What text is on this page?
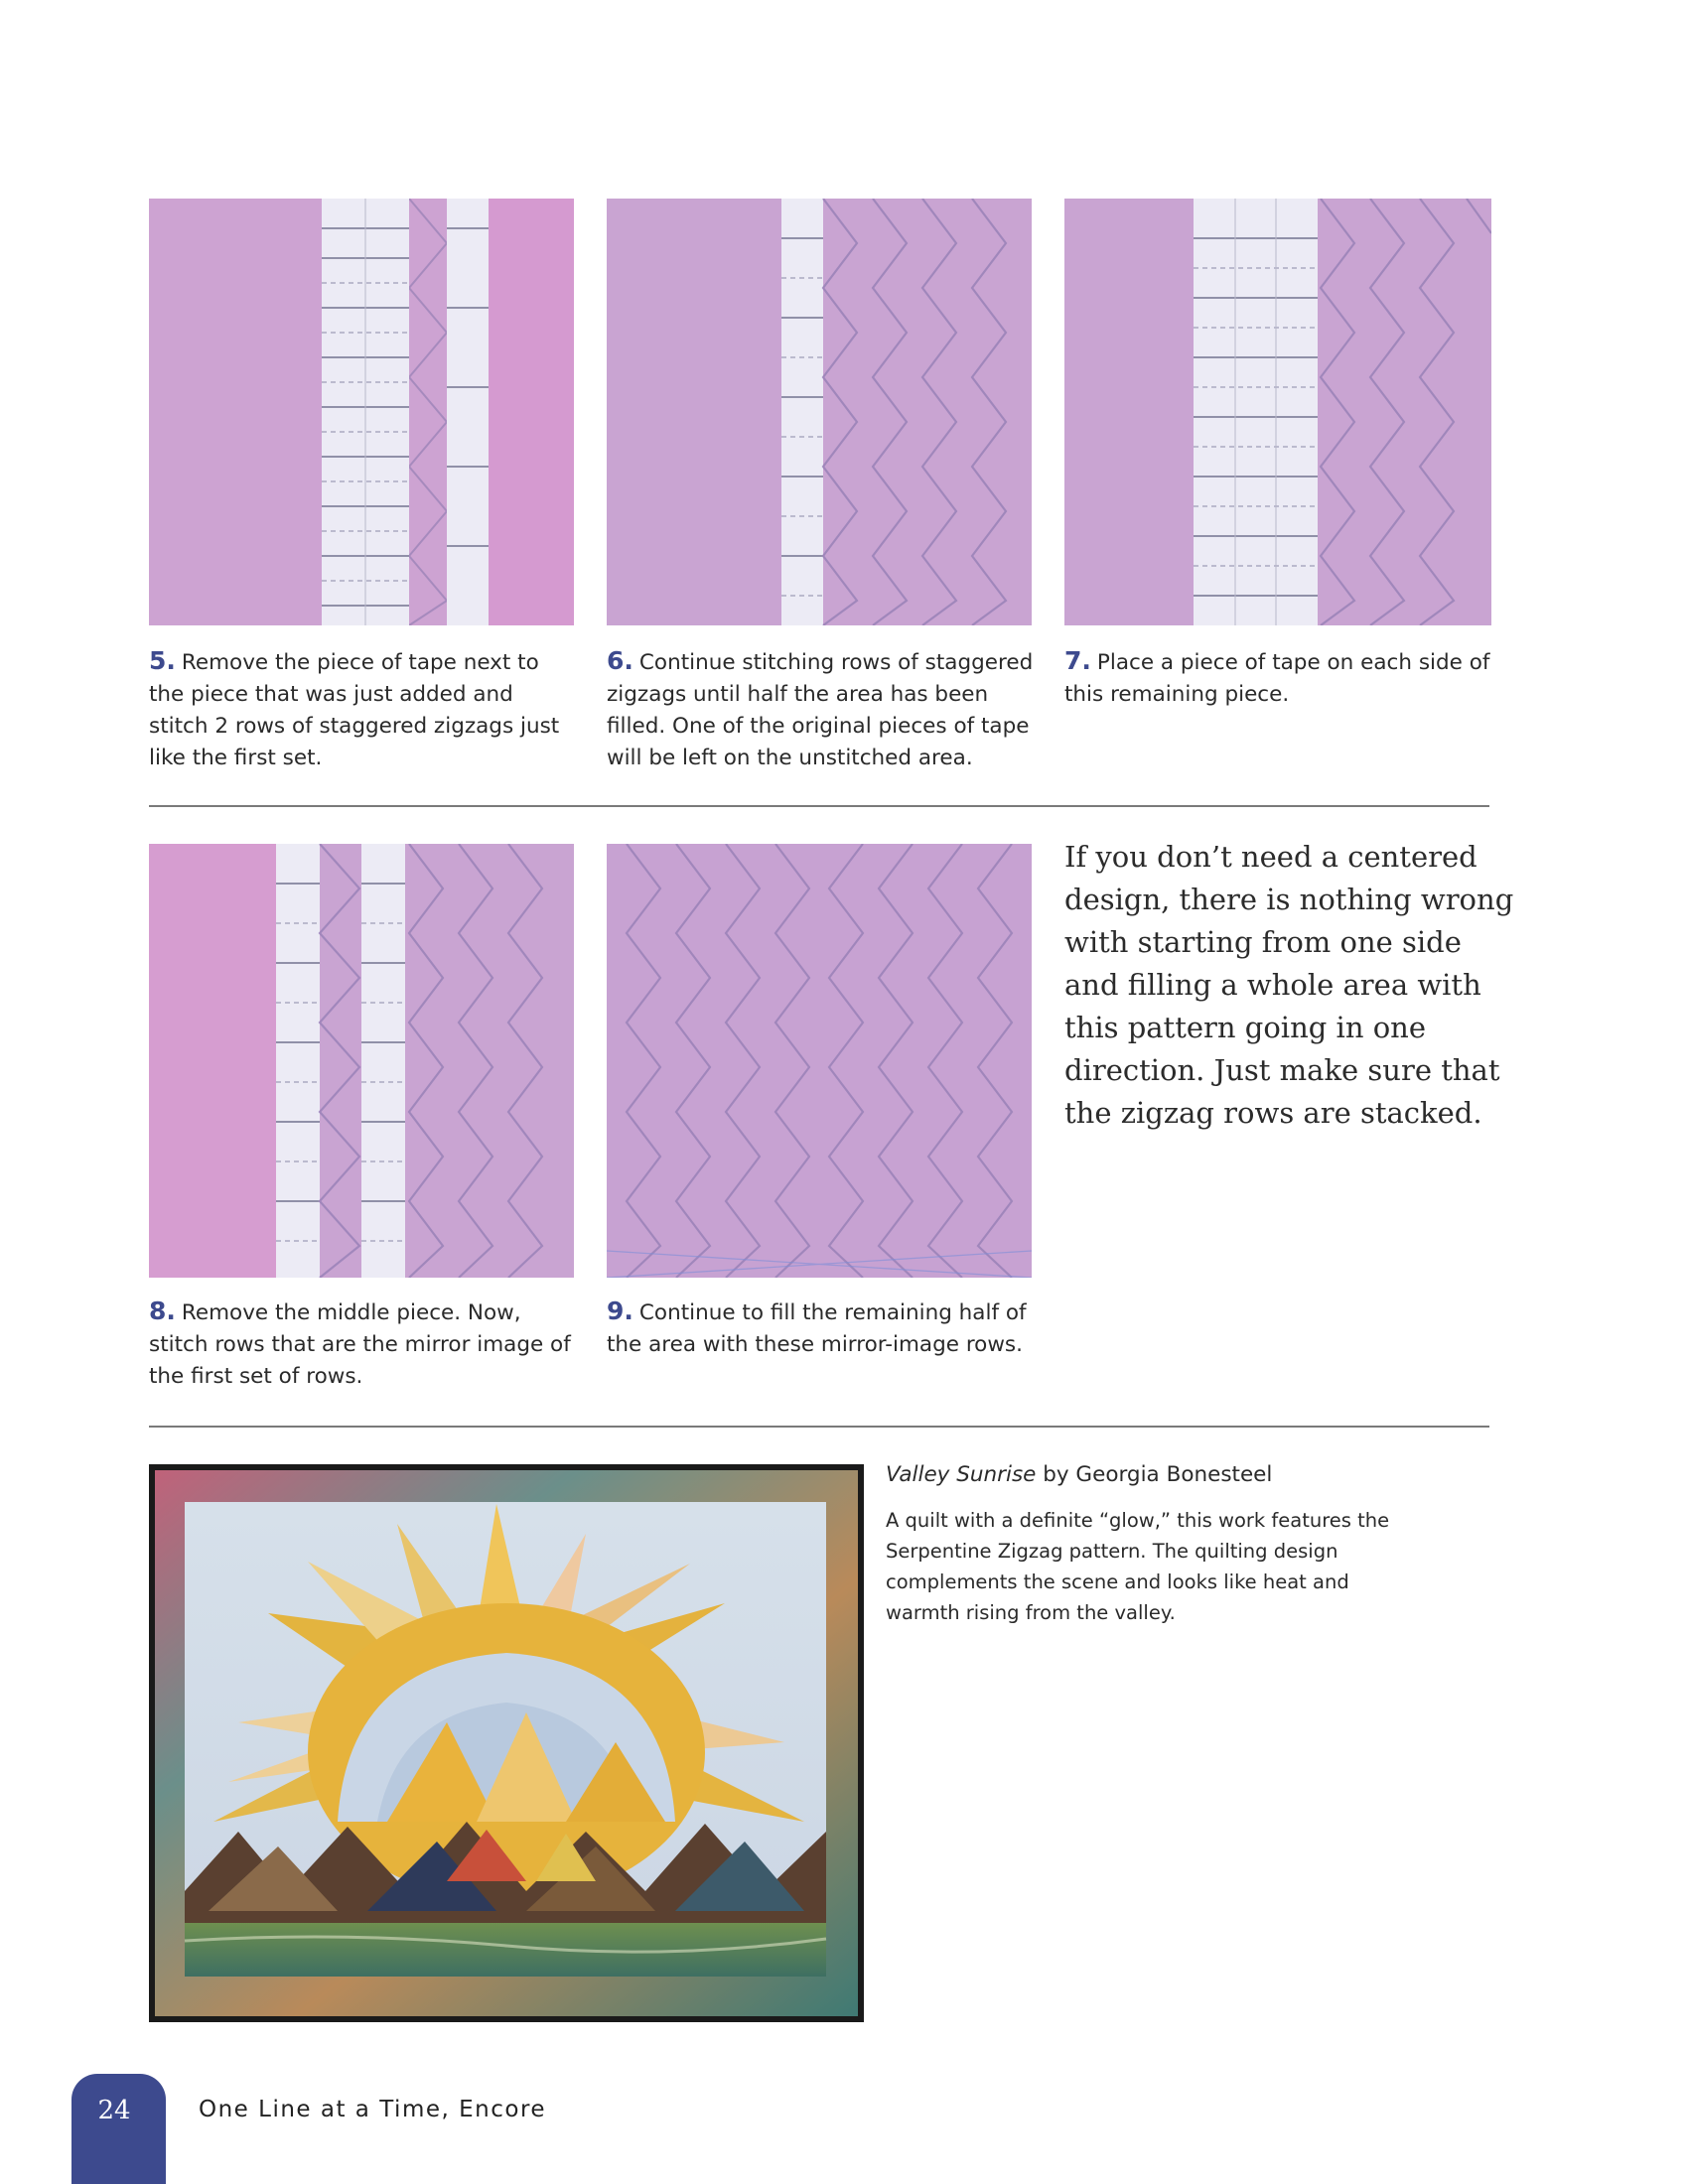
5. Remove the piece of tape next to the piece that was just added and stitch 2 rows of staggered zigzags just like the first set.
6. Continue stitching rows of staggered zigzags until half the area has been filled. One of the original pieces of tape will be left on the unstitched area.
7. Place a piece of tape on each side of this remaining piece.
8. Remove the middle piece. Now, stitch rows that are the mirror image of the first set of rows.
9. Continue to fill the remaining half of the area with these mirror-image rows.
If you don’t need a centered design, there is nothing wrong with starting from one side and filling a whole area with this pattern going in one direction. Just make sure that the zigzag rows are stacked.
Valley Sunrise by Georgia Bonesteel
A quilt with a definite “glow,” this work features the Serpentine Zigzag pattern. The quilting design complements the scene and looks like heat and warmth rising from the valley.
24	One Line at a Time, Encore
